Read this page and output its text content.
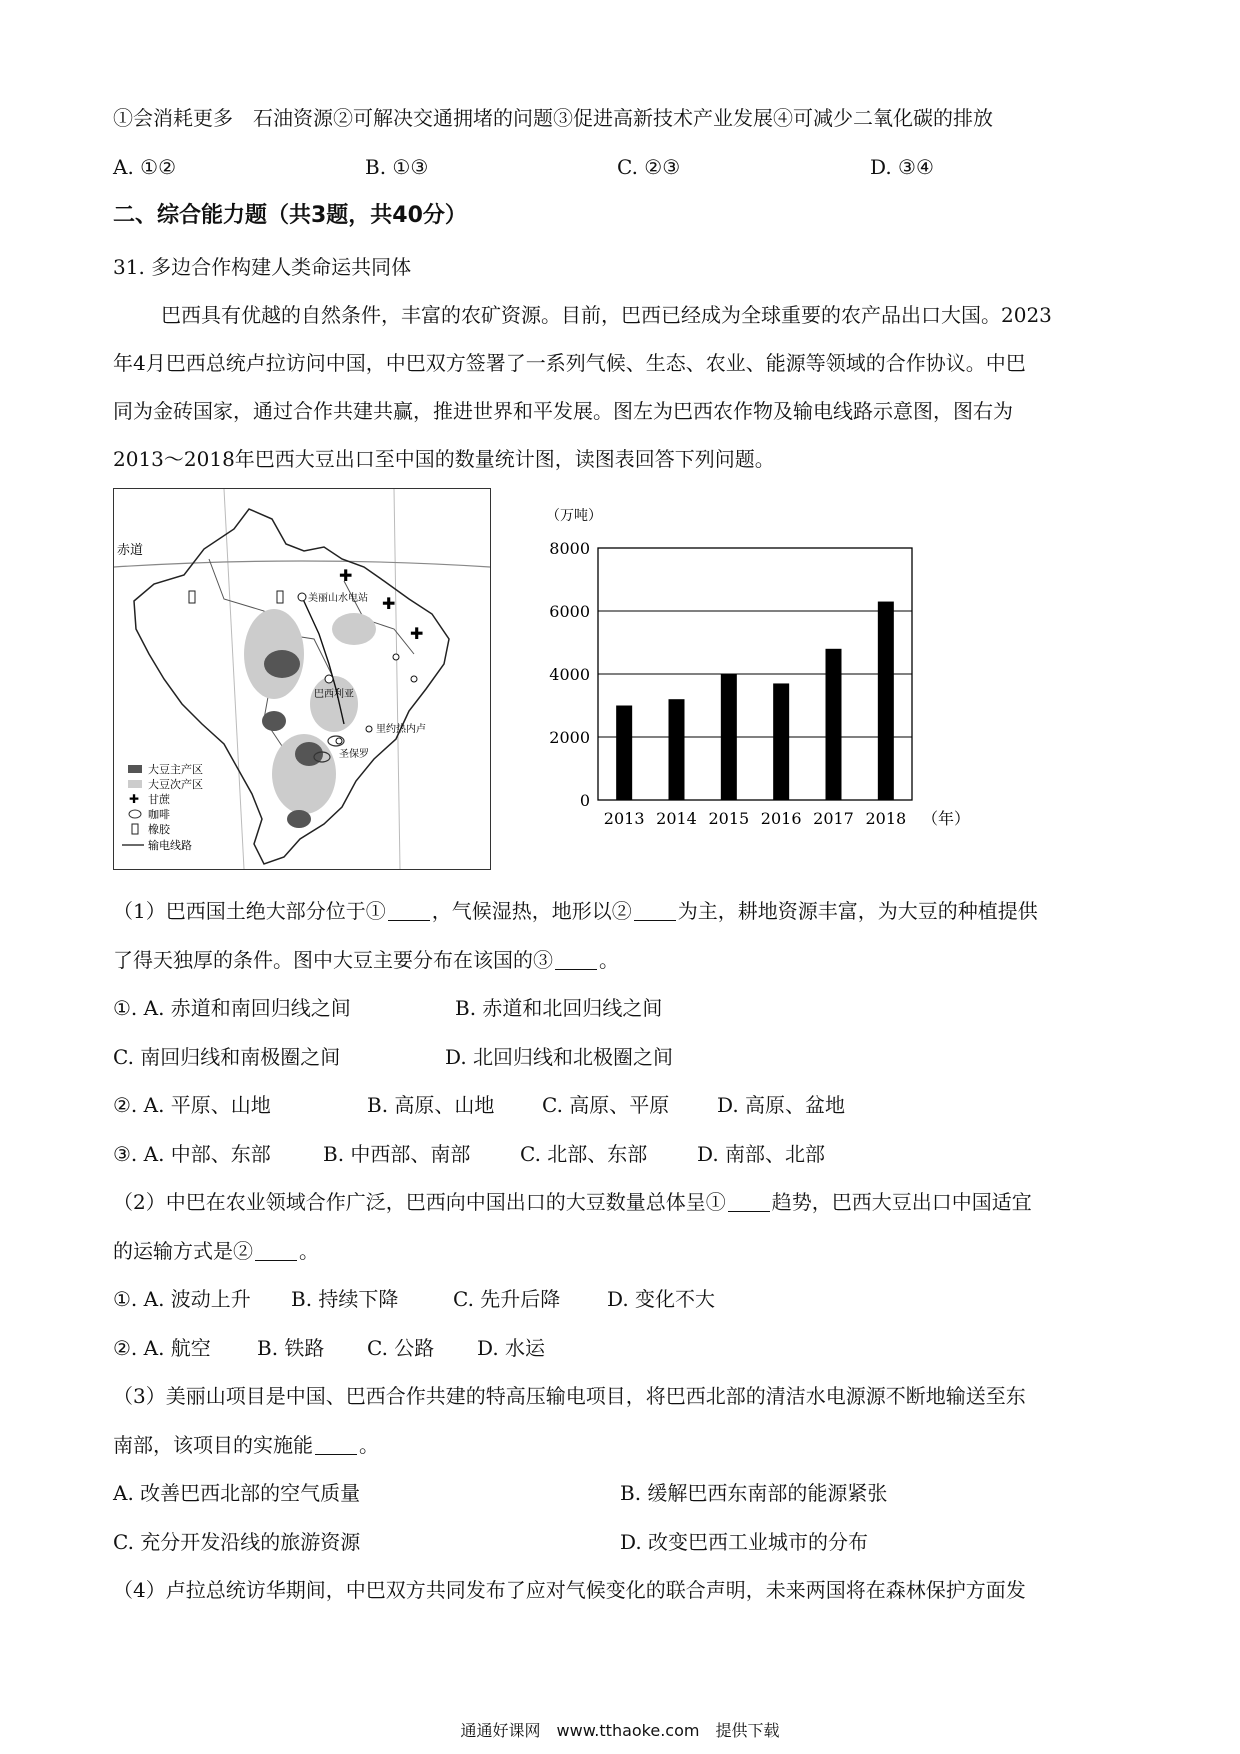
①会消耗更多　石油资源②可解决交通拥堵的问题③促进高新技术产业发展④可减少二氧化碳的排放
A. ①②	B. ①③	C. ②③	D. ③④
二、综合能力题（共3题，共40分）
31. 多边合作构建人类命运共同体
巴西具有优越的自然条件，丰富的农矿资源。目前，巴西已经成为全球重要的农产品出口大国。2023
年4月巴西总统卢拉访问中国，中巴双方签署了一系列气候、生态、农业、能源等领域的合作协议。中巴
同为金砖国家，通过合作共建共赢，推进世界和平发展。图左为巴西农作物及输电线路示意图，图右为
2013～2018年巴西大豆出口至中国的数量统计图，读图表回答下列问题。
✚
✚
✚
赤道
美丽山水电站
巴西利亚
里约热内卢
圣保罗
大豆主产区
大豆次产区
✚ 甘蔗
咖啡
橡胶
输电线路
0
2000
4000
6000
8000
2013 2014 2015 2016 2017 2018
（万吨）
（年）
（1）巴西国土绝大部分位于① ，气候湿热，地形以② 为主，耕地资源丰富，为大豆的种植提供
了得天独厚的条件。图中大豆主要分布在该国的③ 。
①. A. 赤道和南回归线之间	B. 赤道和北回归线之间
C. 南回归线和南极圈之间	D. 北回归线和北极圈之间
②. A. 平原、山地	B. 高原、山地 C. 高原、平原 D. 高原、盆地
③. A. 中部、东部	B. 中西部、南部 C. 北部、东部 D. 南部、北部
（2）中巴在农业领域合作广泛，巴西向中国出口的大豆数量总体呈① 趋势，巴西大豆出口中国适宜
的运输方式是② 。
①. A. 波动上升 B. 持续下降	C. 先升后降 D. 变化不大
②. A. 航空 B. 铁路 C. 公路 D. 水运
（3）美丽山项目是中国、巴西合作共建的特高压输电项目，将巴西北部的清洁水电源源不断地输送至东
南部，该项目的实施能 。
A. 改善巴西北部的空气质量	B. 缓解巴西东南部的能源紧张
C. 充分开发沿线的旅游资源	D. 改变巴西工业城市的分布
（4）卢拉总统访华期间，中巴双方共同发布了应对气候变化的联合声明，未来两国将在森林保护方面发
通通好课网　www.tthaoke.com　提供下载
